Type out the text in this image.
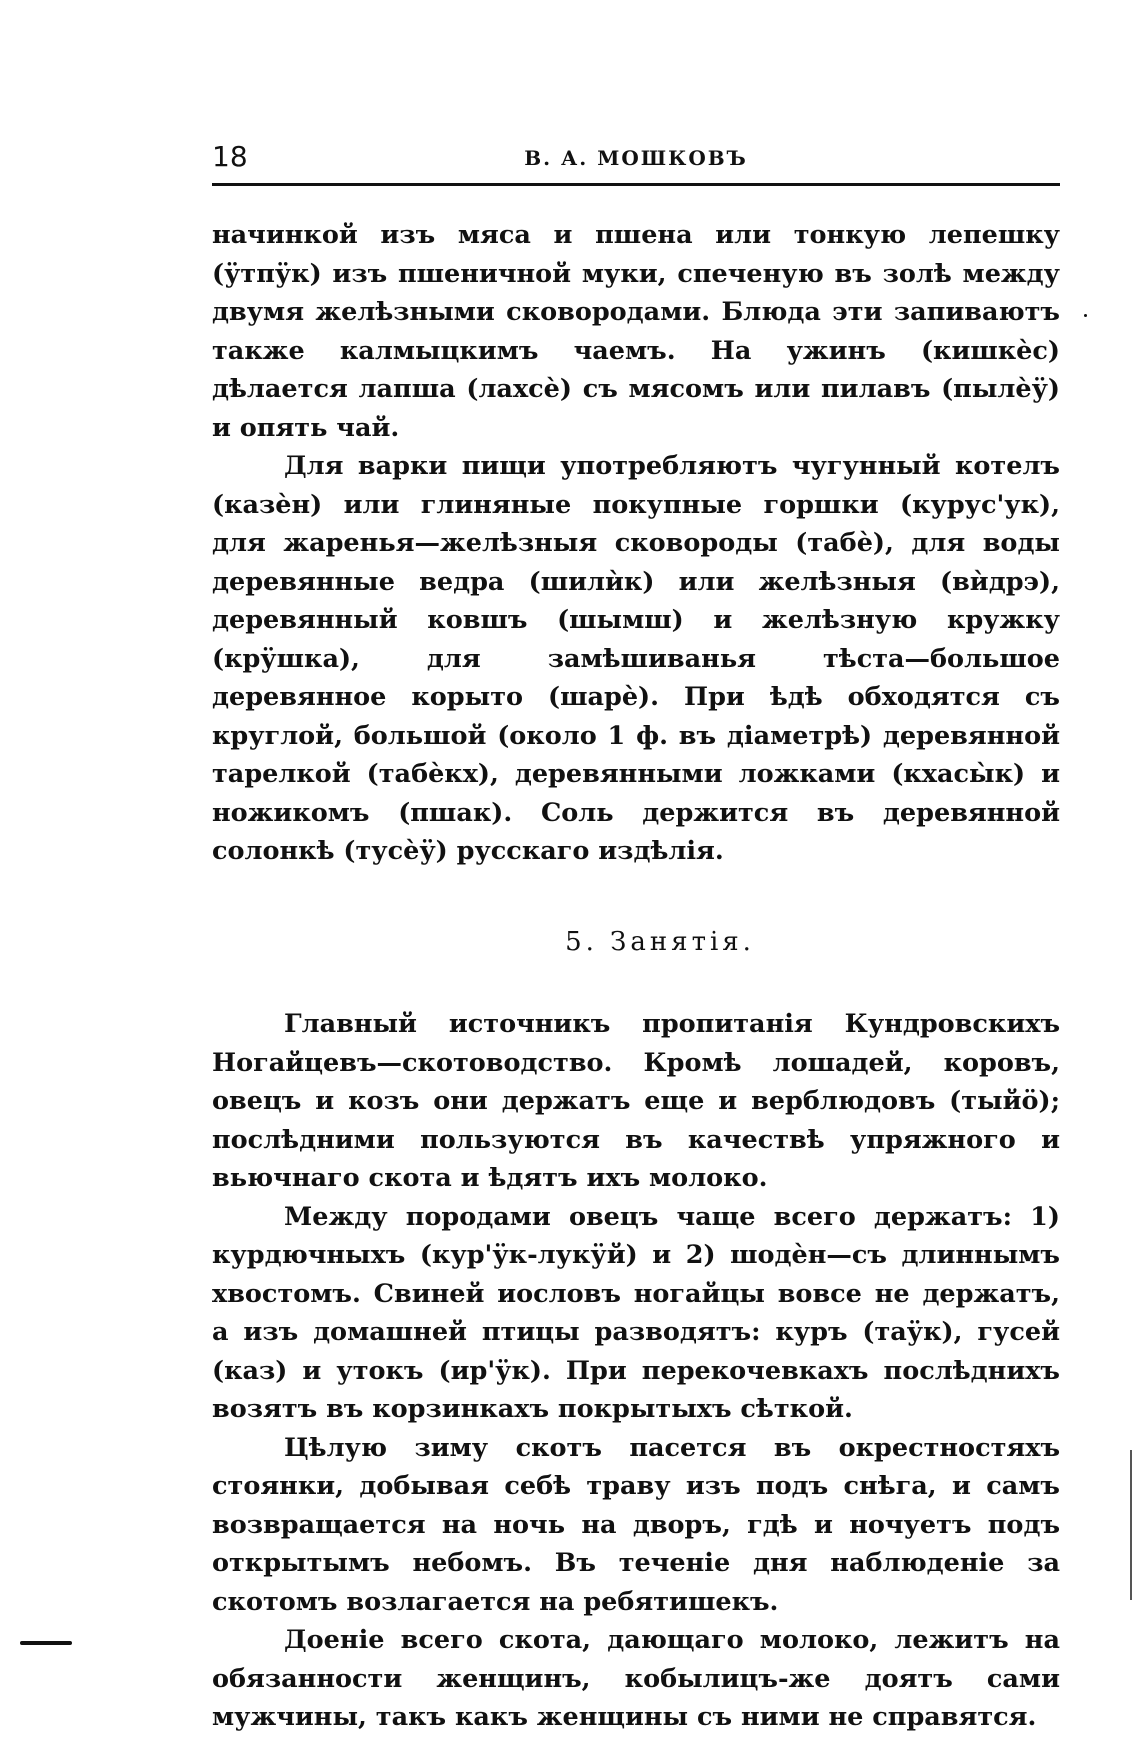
18	В. А. МОШКОВЪ

начинкой изъ мяса и пшена или тонкую лепешку (ӱтпӱк) изъ пшеничной муки, спеченую въ золѣ между двумя желѣзными сковородами. Блюда эти запиваютъ также калмыцкимъ чаемъ. На ужинъ (кишкѐс) дѣлается лапша (лахсѐ) съ мясомъ или пилавъ (пылѐӱ) и опять чай.

Для варки пищи употребляютъ чугунный котелъ (казѐн) или глиняные покупные горшки (курус'ук), для жаренья—желѣзныя сковороды (табѐ), для воды деревянные ведра (шилѝк) или желѣзныя (вѝдрэ), деревянный ковшъ (шымш) и желѣзную кружку (крӱшка), для замѣшиванья тѣста—большое деревянное корыто (шарѐ). При ѣдѣ обходятся съ круглой, большой (около 1 ф. въ діаметрѣ) деревянной тарелкой (табѐкх), деревянными ложками (кхасы̀к) и ножикомъ (пшак). Соль держится въ деревянной солонкѣ (тусѐӱ) русскаго издѣлія.

5. Занятія.

Главный источникъ пропитанія Кундровскихъ Ногайцевъ—скотоводство. Кромѣ лошадей, коровъ, овецъ и козъ они держатъ еще и верблюдовъ (тыйӧ); послѣдними пользуются въ качествѣ упряжного и вьючнаго скота и ѣдятъ ихъ молоко.

Между породами овецъ чаще всего держатъ: 1) курдючныхъ (кур'ӱк-лукӱй) и 2) шодѐн—съ длиннымъ хвостомъ. Свиней иословъ ногайцы вовсе не держатъ, а изъ домашней птицы разводятъ: куръ (таӱк), гусей (каз) и утокъ (ир'ӱк). При перекочевкахъ послѣднихъ возятъ въ корзинкахъ покрытыхъ сѣткой.

Цѣлую зиму скотъ пасется въ окрестностяхъ стоянки, добывая себѣ траву изъ подъ снѣга, и самъ возвращается на ночь на дворъ, гдѣ и ночуетъ подъ открытымъ небомъ. Въ теченіе дня наблюденіе за скотомъ возлагается на ребятишекъ.

Доеніе всего скота, дающаго молоко, лежитъ на обязанности женщинъ, кобылицъ-же доятъ сами мужчины, такъ какъ женщины съ ними не справятся.
